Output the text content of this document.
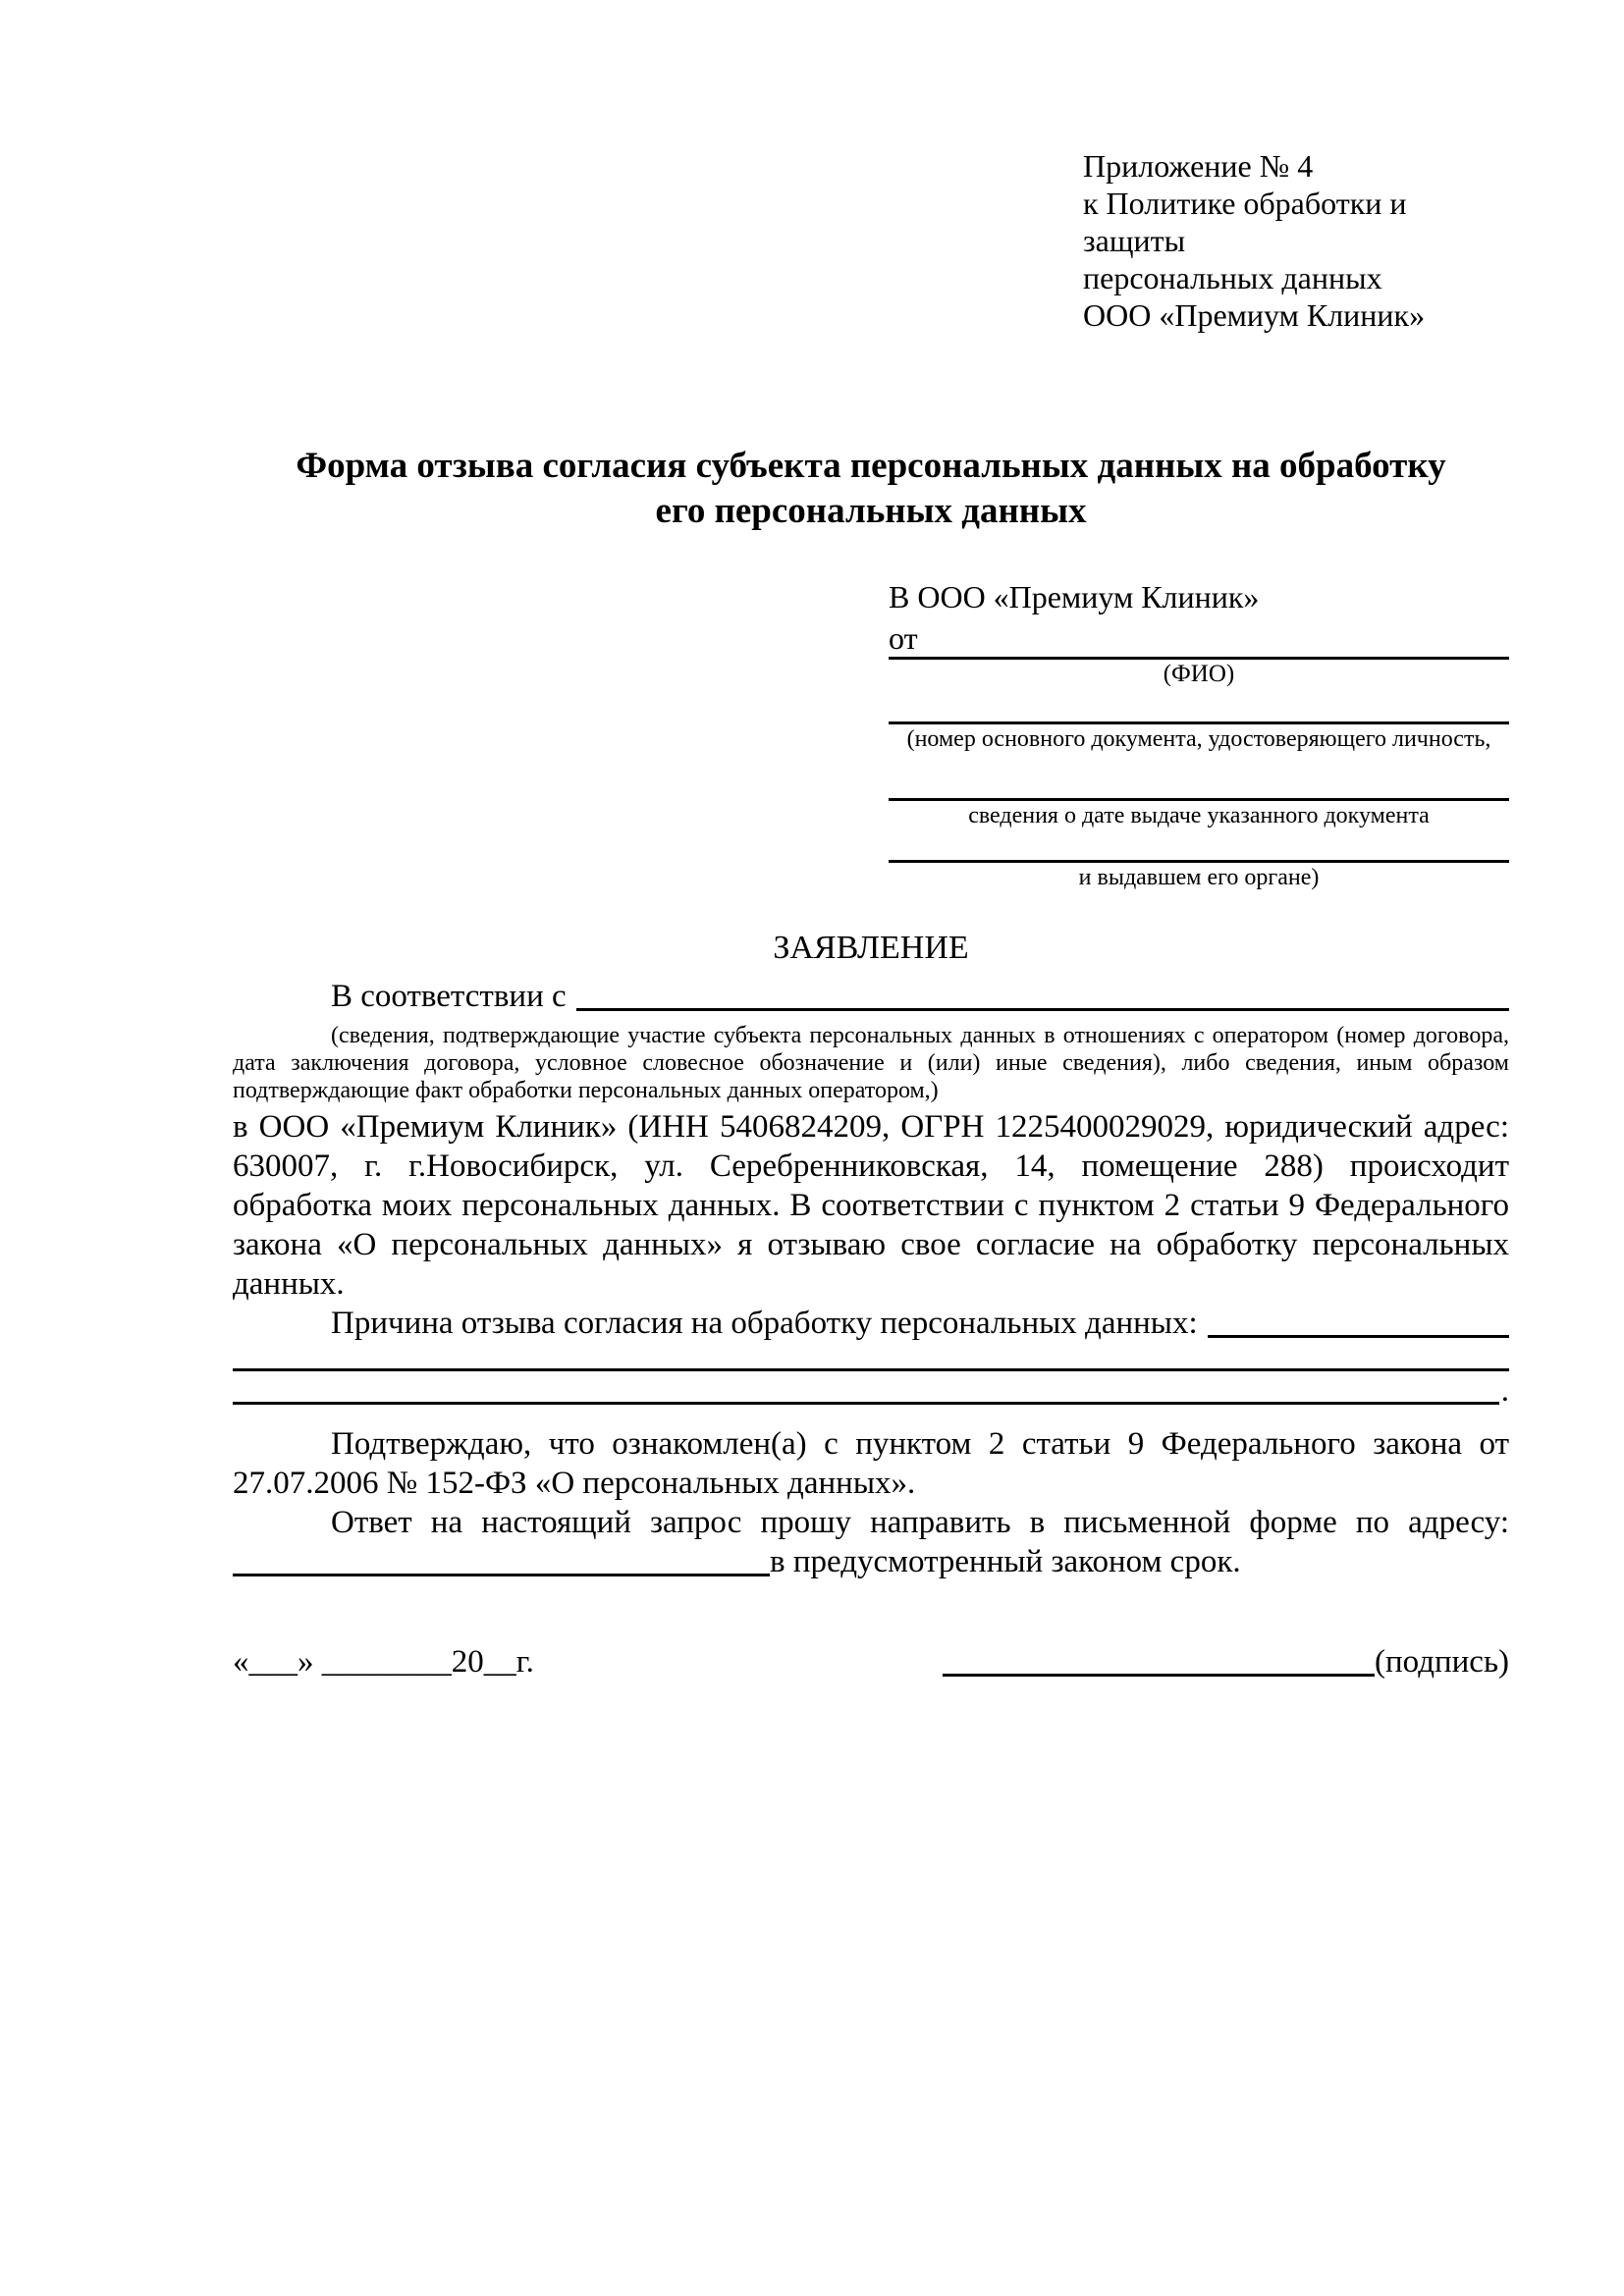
Приложение № 4
к Политике обработки и защиты
персональных данных
ООО «Премиум Клиник»
Форма отзыва согласия субъекта персональных данных на обработку его персональных данных
В ООО «Премиум Клиник»
от
(ФИО)
(номер основного документа, удостоверяющего личность,
сведения о дате выдаче указанного документа
и выдавшем его органе)
ЗАЯВЛЕНИЕ
В соответствии с

(сведения, подтверждающие участие субъекта персональных данных в отношениях с оператором (номер договора, дата заключения договора, условное словесное обозначение и (или) иные сведения), либо сведения, иным образом подтверждающие факт обработки персональных данных оператором,)

в ООО «Премиум Клиник» (ИНН 5406824209, ОГРН 1225400029029, юридический адрес: 630007, г. г.Новосибирск, ул. Серебренниковская, 14, помещение 288) происходит обработка моих персональных данных. В соответствии с пунктом 2 статьи 9 Федерального закона «О персональных данных» я отзываю свое согласие на обработку персональных данных.

Причина отзыва согласия на обработку персональных данных:
.

Подтверждаю, что ознакомлен(а) с пунктом 2 статьи 9 Федерального закона от 27.07.2006 № 152-ФЗ «О персональных данных».

Ответ на настоящий запрос прошу направить в письменной форме по адресу:

в предусмотренный законом срок.
«___» ________20__г.	(подпись)
